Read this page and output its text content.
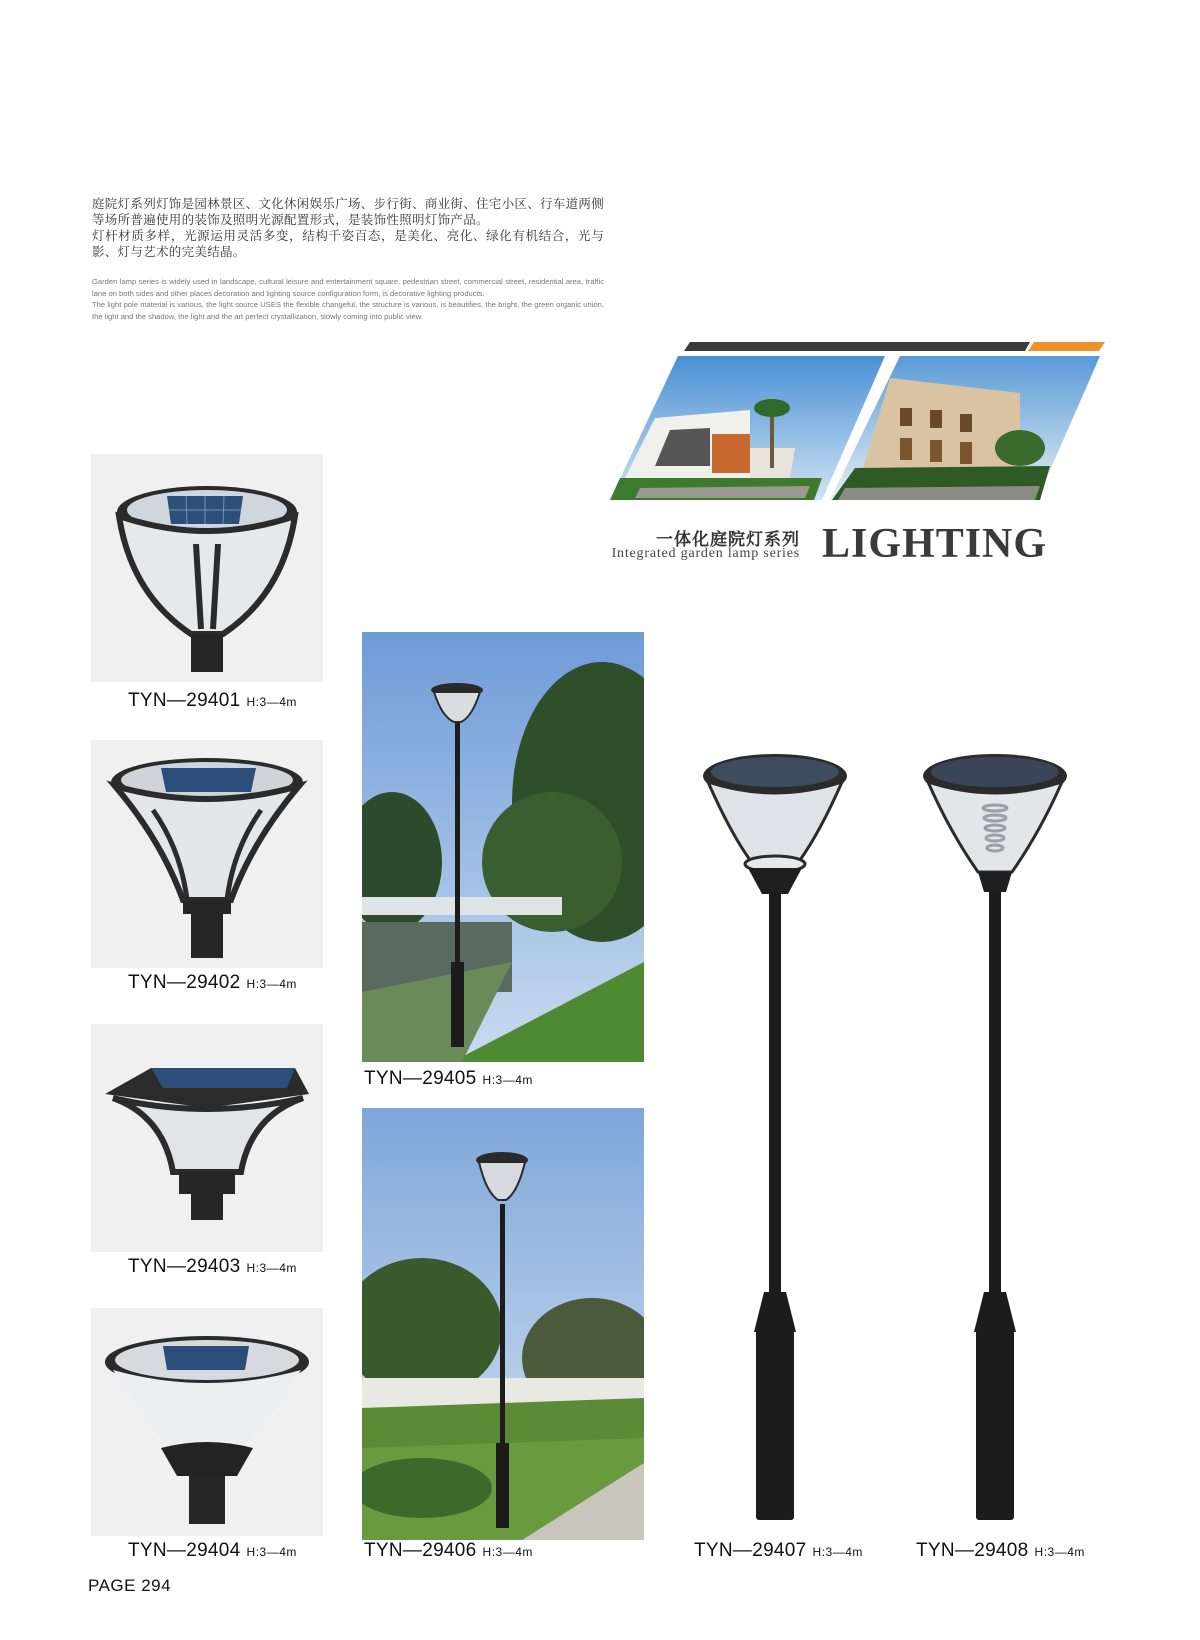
庭院灯系列灯饰是园林景区、文化休闲娱乐广场、步行街、商业街、住宅小区、行车道两侧等场所普遍使用的装饰及照明光源配置形式，是装饰性照明灯饰产品。

灯杆材质多样，光源运用灵活多变，结构千姿百态，是美化、亮化、绿化有机结合，光与影、灯与艺术的完美结晶。

Garden lamp series is widely used in landscape, cultural leisure and entertainment square, pedestrian street, commercial street, residential area, traffic lane on both sides and other places decoration and lighting source configuration form, is decorative lighting products.

The light pole material is various, the light source USES the flexible changeful, the structure is various, is beautifies, the bright, the green organic union, the light and the shadow, the light and the art perfect crystallization, slowly coming into public view.

一体化庭院灯系列
Integrated garden lamp series LIGHTING
TYN—29401 H:3—4m
TYN—29402 H:3—4m
TYN—29403 H:3—4m
TYN—29404 H:3—4m
TYN—29405 H:3—4m
TYN—29406 H:3—4m	TYN—29407 H:3—4m	TYN—29408 H:3—4m
PAGE 294
